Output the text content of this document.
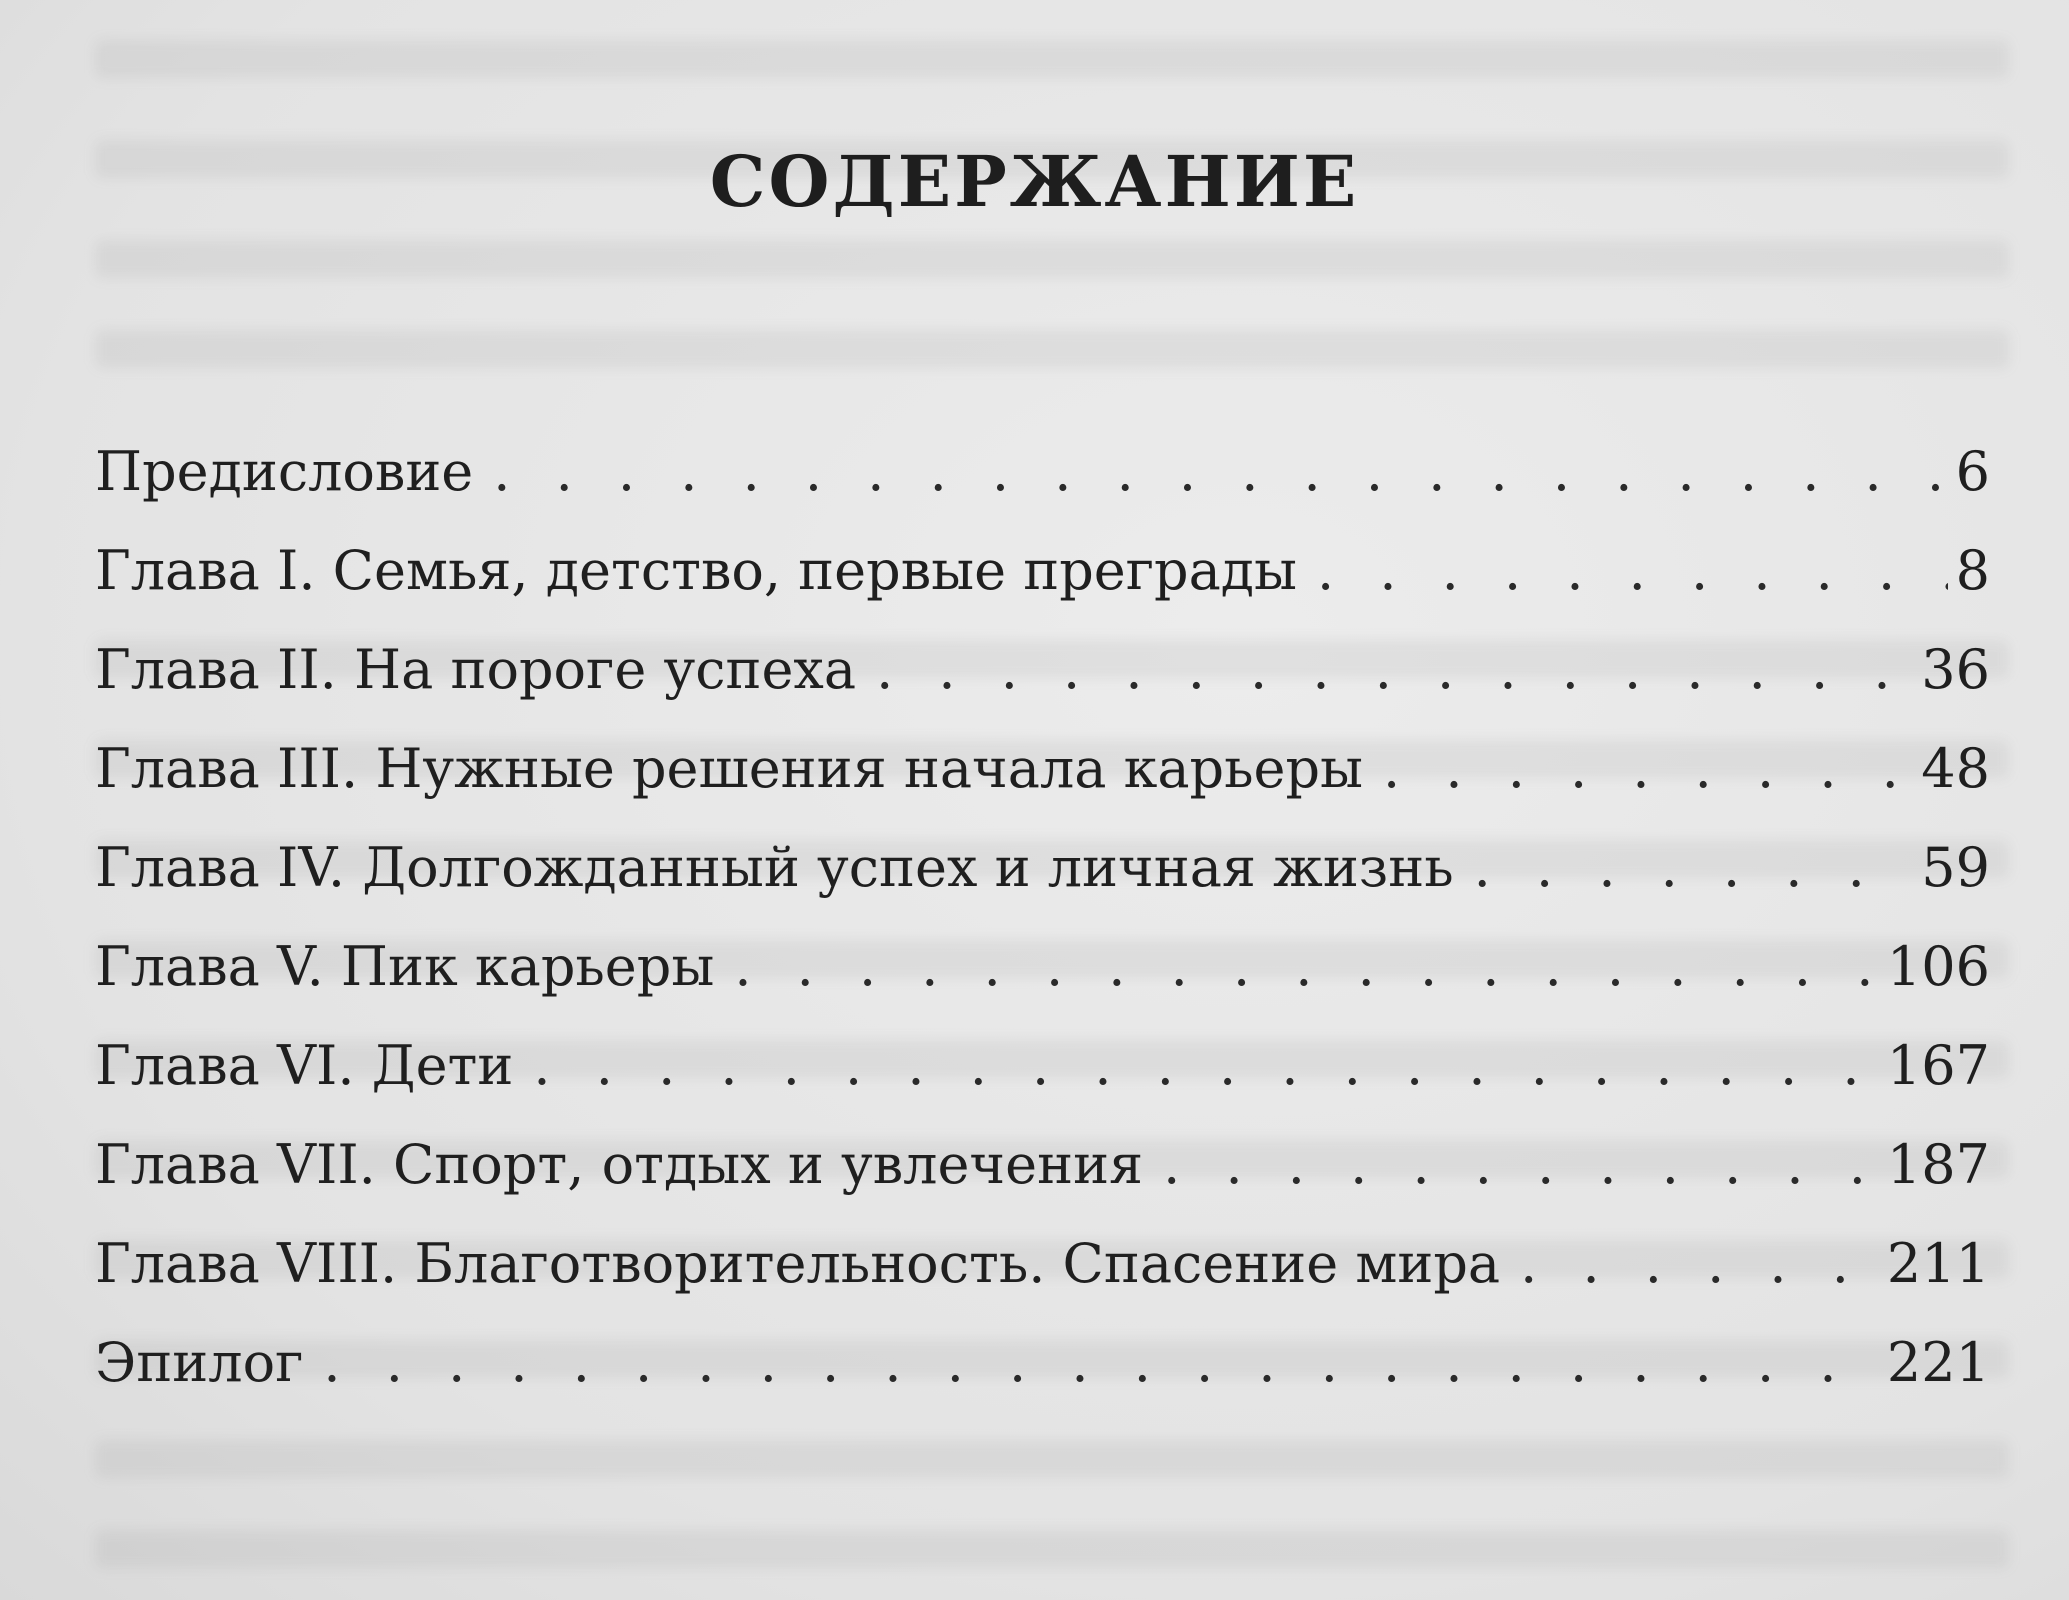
СОДЕРЖАНИЕ
Предисловие . . .	6
Глава I. Семья, детство, первые преграды . . .	8
Глава II. На пороге успеха . . .	36
Глава III. Нужные решения начала карьеры . . .	48
Глава IV. Долгожданный успех и личная жизнь . . .	59
Глава V. Пик карьеры . . .	106
Глава VI. Дети . . .	167
Глава VII. Спорт, отдых и увлечения . . .	187
Глава VIII. Благотворительность. Спасение мира . . .	211
Эпилог . . .	221
